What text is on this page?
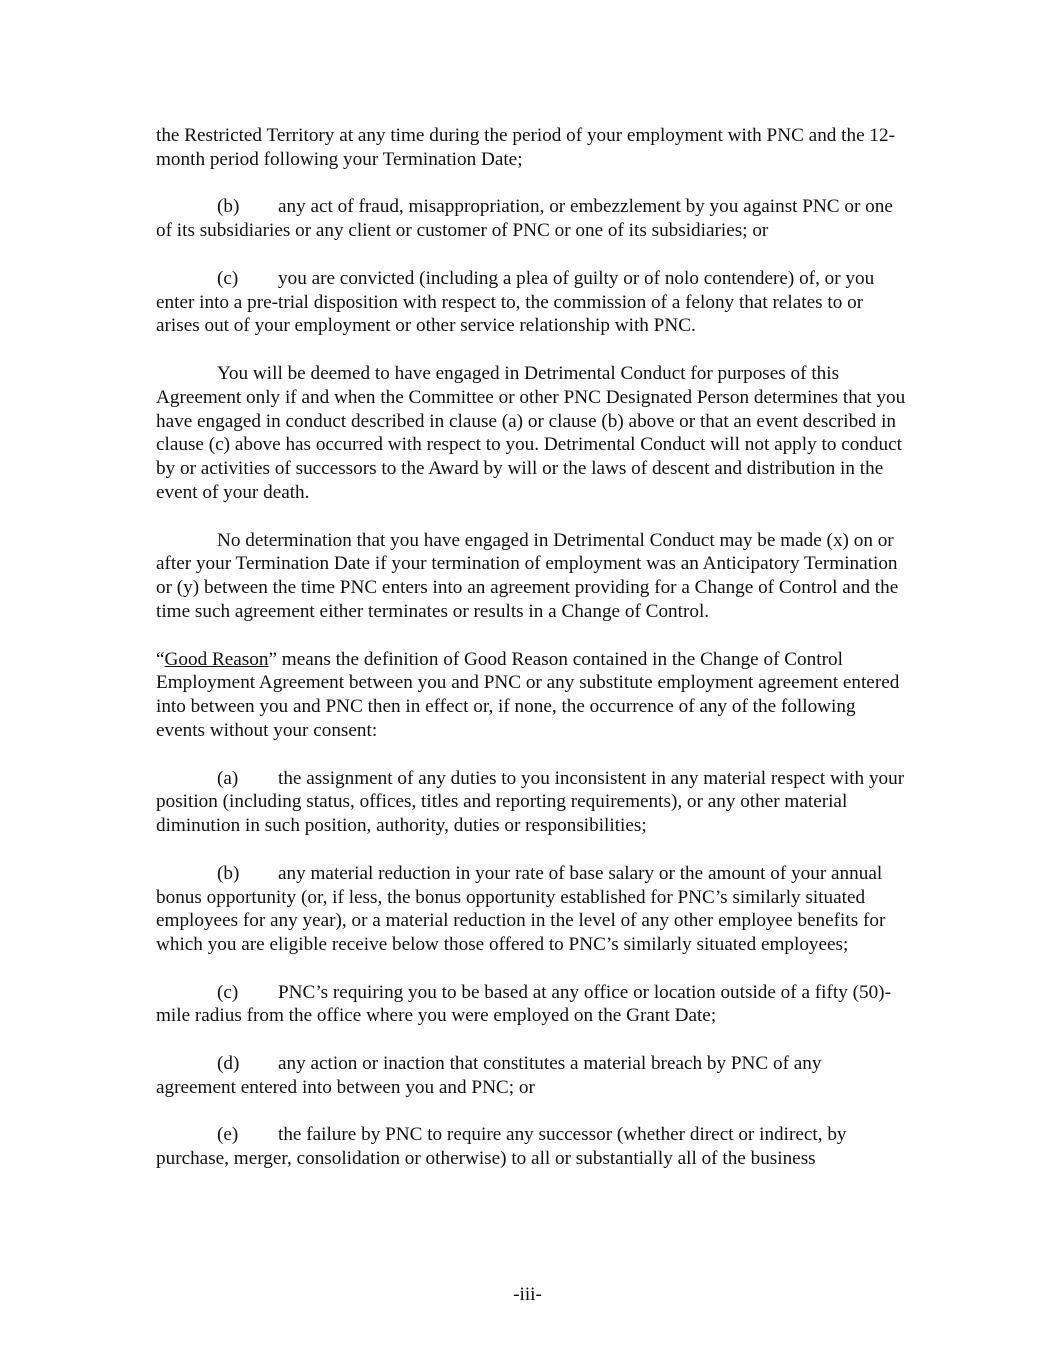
the Restricted Territory at any time during the period of your employment with PNC and the 12-month period following your Termination Date;

(b) any act of fraud, misappropriation, or embezzlement by you against PNC or one of its subsidiaries or any client or customer of PNC or one of its subsidiaries; or

(c) you are convicted (including a plea of guilty or of nolo contendere) of, or you enter into a pre-trial disposition with respect to, the commission of a felony that relates to or arises out of your employment or other service relationship with PNC.

You will be deemed to have engaged in Detrimental Conduct for purposes of this Agreement only if and when the Committee or other PNC Designated Person determines that you have engaged in conduct described in clause (a) or clause (b) above or that an event described in clause (c) above has occurred with respect to you. Detrimental Conduct will not apply to conduct by or activities of successors to the Award by will or the laws of descent and distribution in the event of your death.

No determination that you have engaged in Detrimental Conduct may be made (x) on or after your Termination Date if your termination of employment was an Anticipatory Termination or (y) between the time PNC enters into an agreement providing for a Change of Control and the time such agreement either terminates or results in a Change of Control.

“Good Reason” means the definition of Good Reason contained in the Change of Control Employment Agreement between you and PNC or any substitute employment agreement entered into between you and PNC then in effect or, if none, the occurrence of any of the following events without your consent:

(a) the assignment of any duties to you inconsistent in any material respect with your position (including status, offices, titles and reporting requirements), or any other material diminution in such position, authority, duties or responsibilities;

(b) any material reduction in your rate of base salary or the amount of your annual bonus opportunity (or, if less, the bonus opportunity established for PNC’s similarly situated employees for any year), or a material reduction in the level of any other employee benefits for which you are eligible receive below those offered to PNC’s similarly situated employees;

(c) PNC’s requiring you to be based at any office or location outside of a fifty (50)-mile radius from the office where you were employed on the Grant Date;

(d) any action or inaction that constitutes a material breach by PNC of any agreement entered into between you and PNC; or

(e) the failure by PNC to require any successor (whether direct or indirect, by purchase, merger, consolidation or otherwise) to all or substantially all of the business

-iii-
